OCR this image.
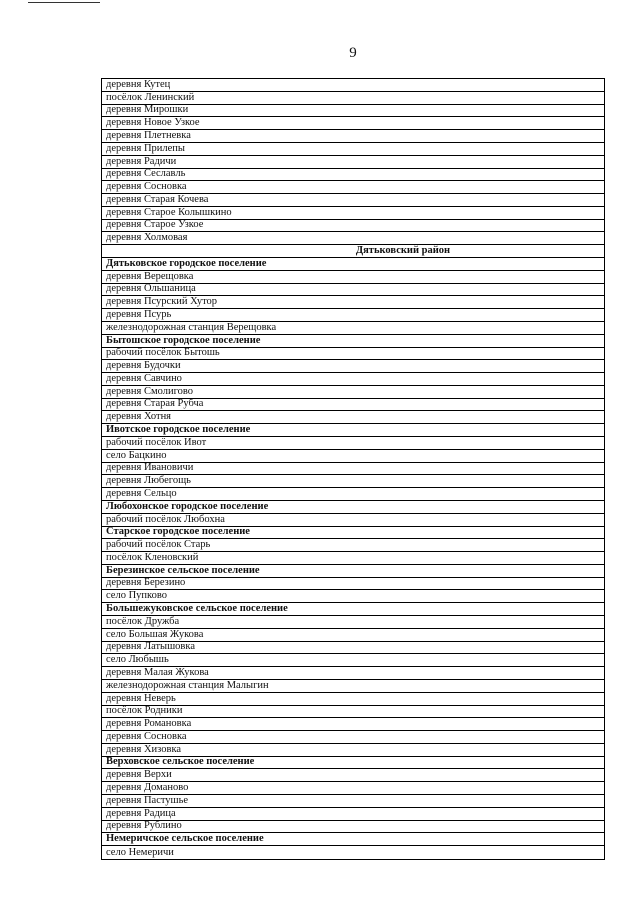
9
деревня Кутец
посёлок Ленинский
деревня Мирошки
деревня Новое Узкое
деревня Плетневка
деревня Прилепы
деревня Радичи
деревня Сеславль
деревня Сосновка
деревня Старая Кочева
деревня Старое Колышкино
деревня Старое Узкое
деревня Холмовая
Дятьковский район
Дятьковское городское поселение
деревня Верещовка
деревня Ольшаница
деревня Псурский Хутор
деревня Псурь
железнодорожная станция Верещовка
Бытошское городское поселение
рабочий посёлок Бытошь
деревня Будочки
деревня Савчино
деревня Смолигово
деревня Старая Рубча
деревня Хотня
Ивотское городское поселение
рабочий посёлок Ивот
село Бацкино
деревня Ивановичи
деревня Любегощь
деревня Сельцо
Любохонское городское поселение
рабочий посёлок Любохна
Старское городское поселение
рабочий посёлок Старь
посёлок Кленовский
Березинское сельское поселение
деревня Березино
село Пупково
Большежуковское сельское поселение
посёлок Дружба
село Большая Жукова
деревня Латышовка
село Любышь
деревня Малая Жукова
железнодорожная станция Малыгин
деревня Неверь
посёлок Родники
деревня Романовка
деревня Сосновка
деревня Хизовка
Верховское сельское поселение
деревня Верхи
деревня Доманово
деревня Пастушье
деревня Радица
деревня Рублино
Немеричское сельское поселение
село Немеричи
